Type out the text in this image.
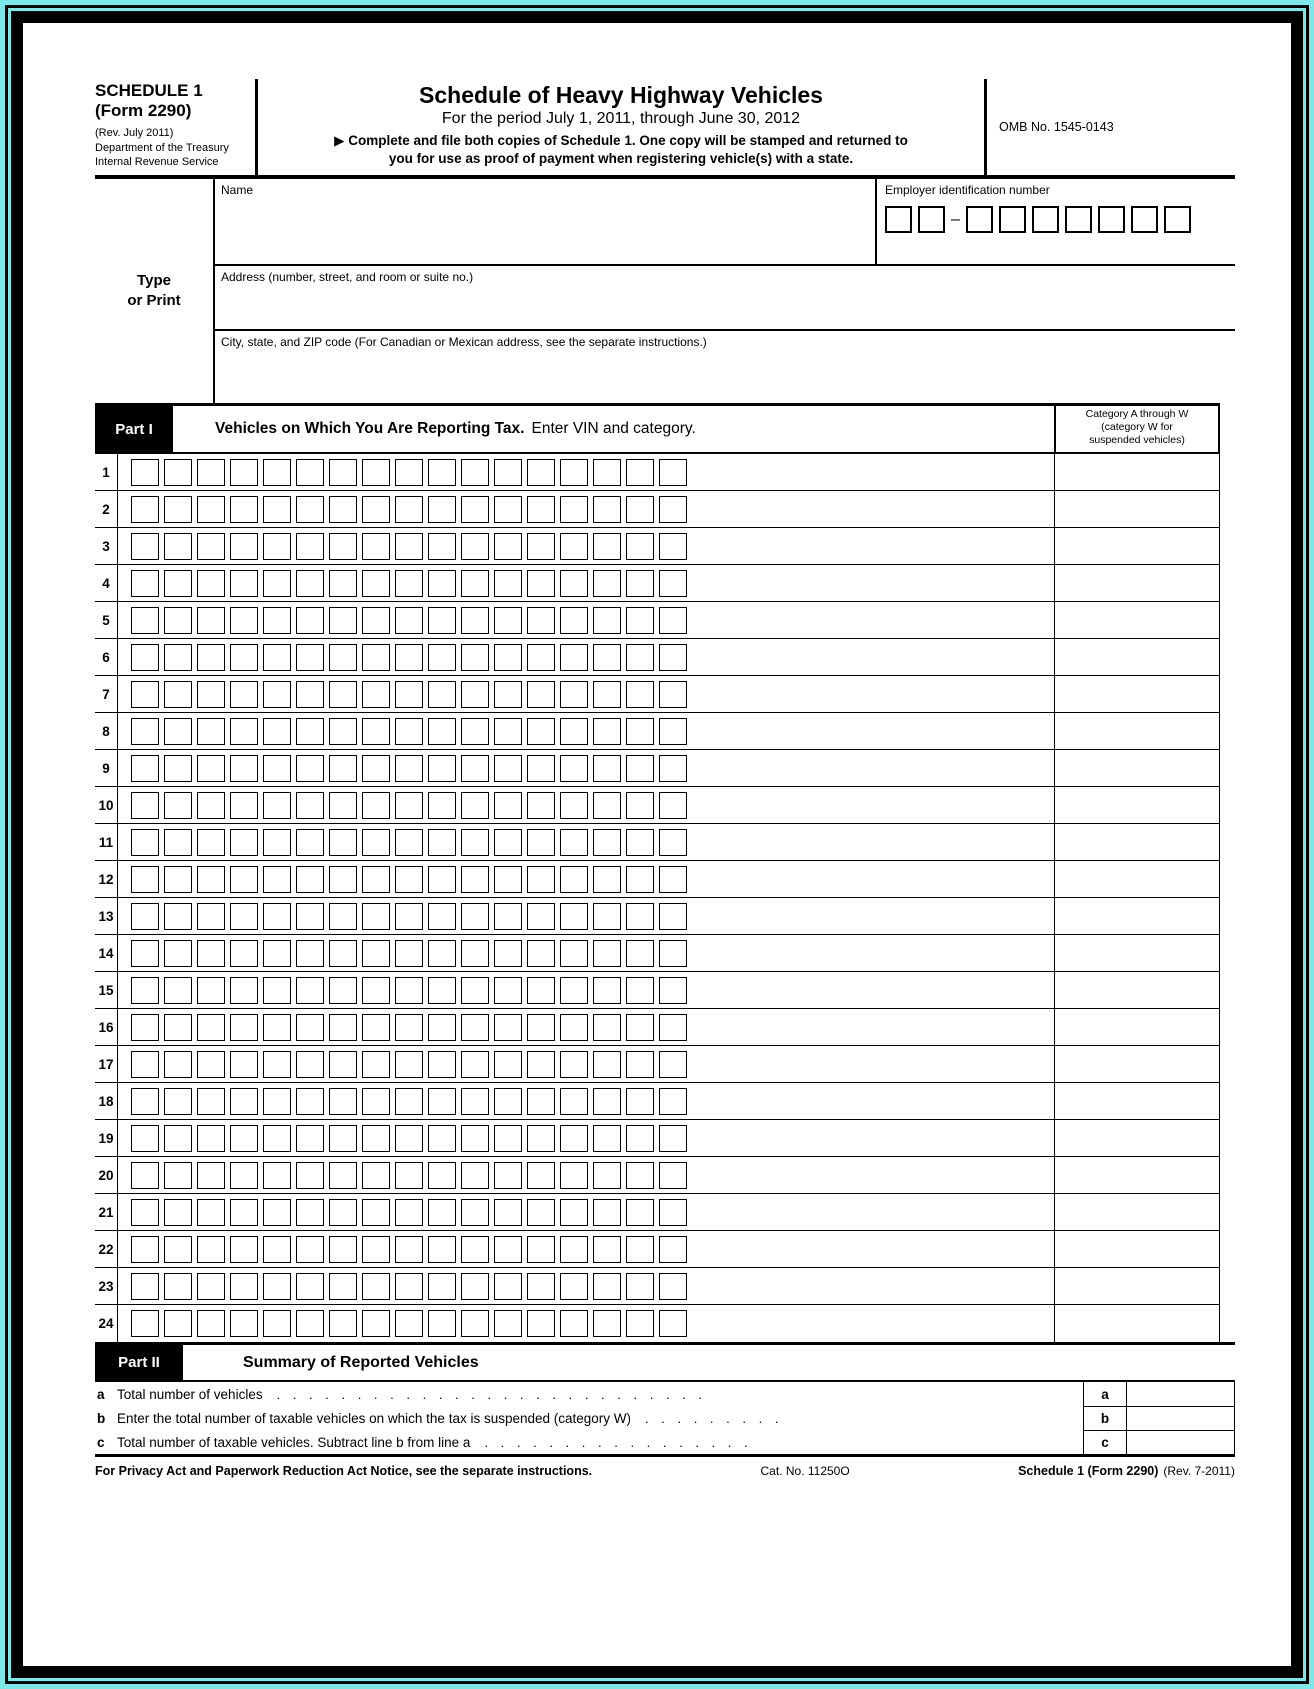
SCHEDULE 1
(Form 2290)
(Rev. July 2011)
Department of the Treasury
Internal Revenue Service
Schedule of Heavy Highway Vehicles
For the period July 1, 2011, through June 30, 2012
▶ Complete and file both copies of Schedule 1. One copy will be stamped and returned to
you for use as proof of payment when registering vehicle(s) with a state.
OMB No. 1545-0143
Type
or Print
Name	Employer identification number
–
Address (number, street, and room or suite no.)
City, state, and ZIP code (For Canadian or Mexican address, see the separate instructions.)
Part I	Vehicles on Which You Are Reporting Tax. Enter VIN and category.
Category A through W
(category W for
suspended vehicles)
1
2
3
4
5
6
7
8
9
10
11
12
13
14
15
16
17
18
19
20
21
22
23
24
Part II	Summary of Reported Vehicles
a Total number of vehicles	. . . . . . . . . . . . . . . . . . . . . . . . . . .	a
b Enter the total number of taxable vehicles on which the tax is suspended (category W)	. . . . . . . . .	b
c Total number of taxable vehicles. Subtract line b from line a	. . . . . . . . . . . . . . . . .	c
For Privacy Act and Paperwork Reduction Act Notice, see the separate instructions.	Cat. No. 11250O	Schedule 1 (Form 2290) (Rev. 7-2011)
